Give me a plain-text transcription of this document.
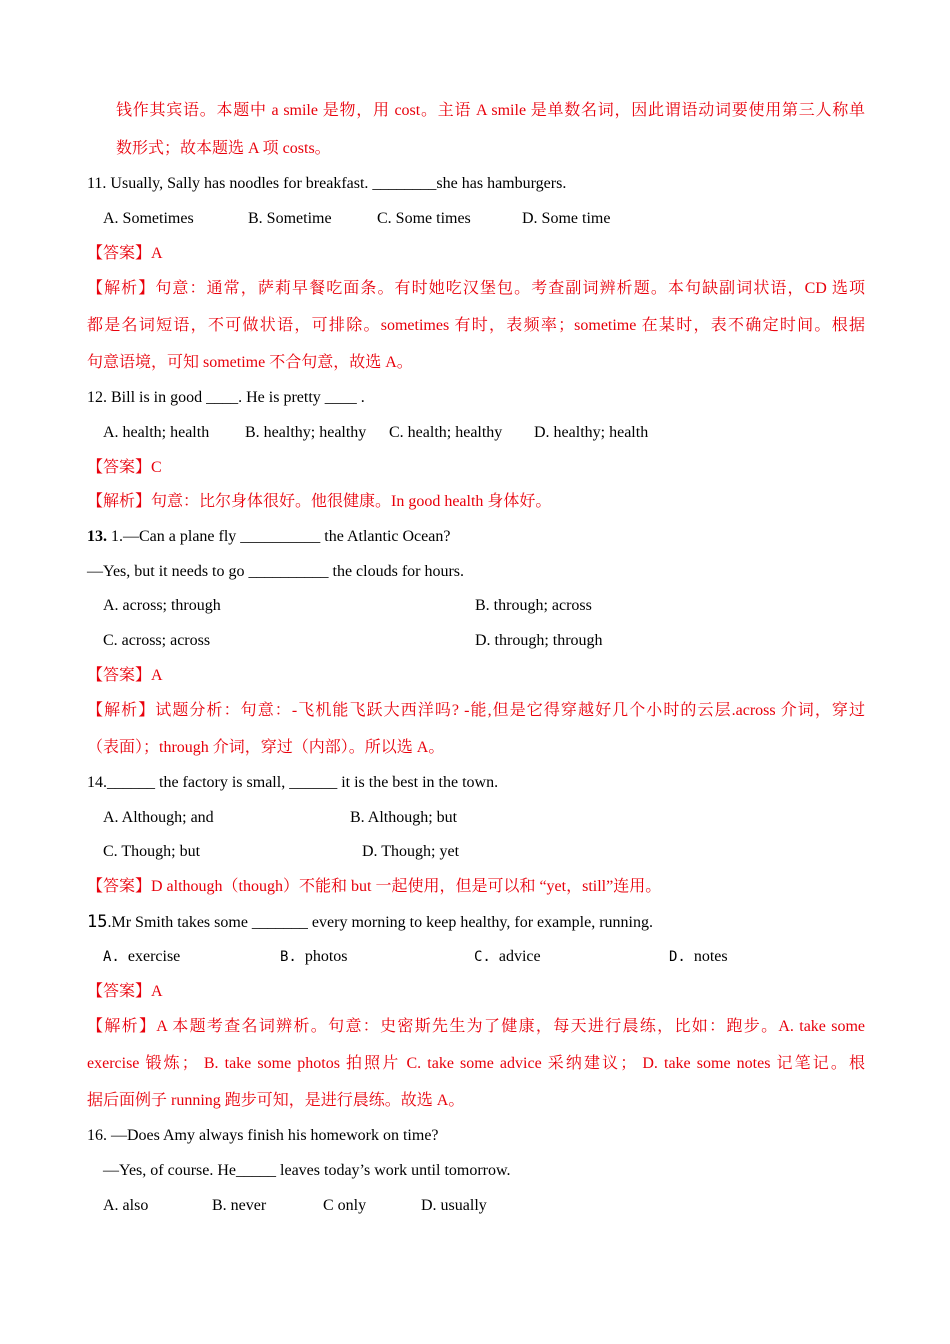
钱作其宾语。本题中 a smile 是物，用 cost。主语 A smile 是单数名词，因此谓语动词要使用第三人称单
数形式；故本题选 A 项 costs。
11. Usually, Sally has noodles for breakfast. ________she has hamburgers.
A. Sometimes	B. Sometime	C. Some times	D. Some time
【答案】A
【解析】句意：通常，萨莉早餐吃面条。有时她吃汉堡包。考查副词辨析题。本句缺副词状语，CD 选项
都是名词短语，不可做状语，可排除。sometimes 有时，表频率；sometime 在某时，表不确定时间。根据
句意语境，可知 sometime 不合句意，故选 A。
12. Bill is in good ____. He is pretty ____ .
A. health; health B. healthy; healthy C. health; healthy D. healthy; health
【答案】C
【解析】句意：比尔身体很好。他很健康。In good health 身体好。
13. 1.—Can a plane fly __________ the Atlantic Ocean?
—Yes, but it needs to go __________ the clouds for hours.
A. across; through	B. through; across
C. across; across	D. through; through
【答案】A
【解析】试题分析：句意：-飞机能飞跃大西洋吗? -能,但是它得穿越好几个小时的云层.across 介词，穿过
（表面）；through 介词，穿过（内部）。所以选 A。
14.______ the factory is small, ______ it is the best in the town.
A. Although; and	B. Although; but
C. Though; but	D. Though; yet
【答案】D although（though）不能和 but 一起使用，但是可以和 “yet，still”连用。
15.Mr Smith takes some _______ every morning to keep healthy, for example, running.
A. exercise	B. photos	C. advice	D. notes
【答案】A
【解析】A 本题考查名词辨析。句意：史密斯先生为了健康，每天进行晨练，比如：跑步。A. take some
exercise 锻炼； B. take some photos 拍照片 C. take some advice 采纳建议； D. take some notes 记笔记。根
据后面例子 running 跑步可知，是进行晨练。故选 A。
16. —Does Amy always finish his homework on time?
—Yes, of course. He_____ leaves today’s work until tomorrow.
A. also	B. never	C only	D. usually
